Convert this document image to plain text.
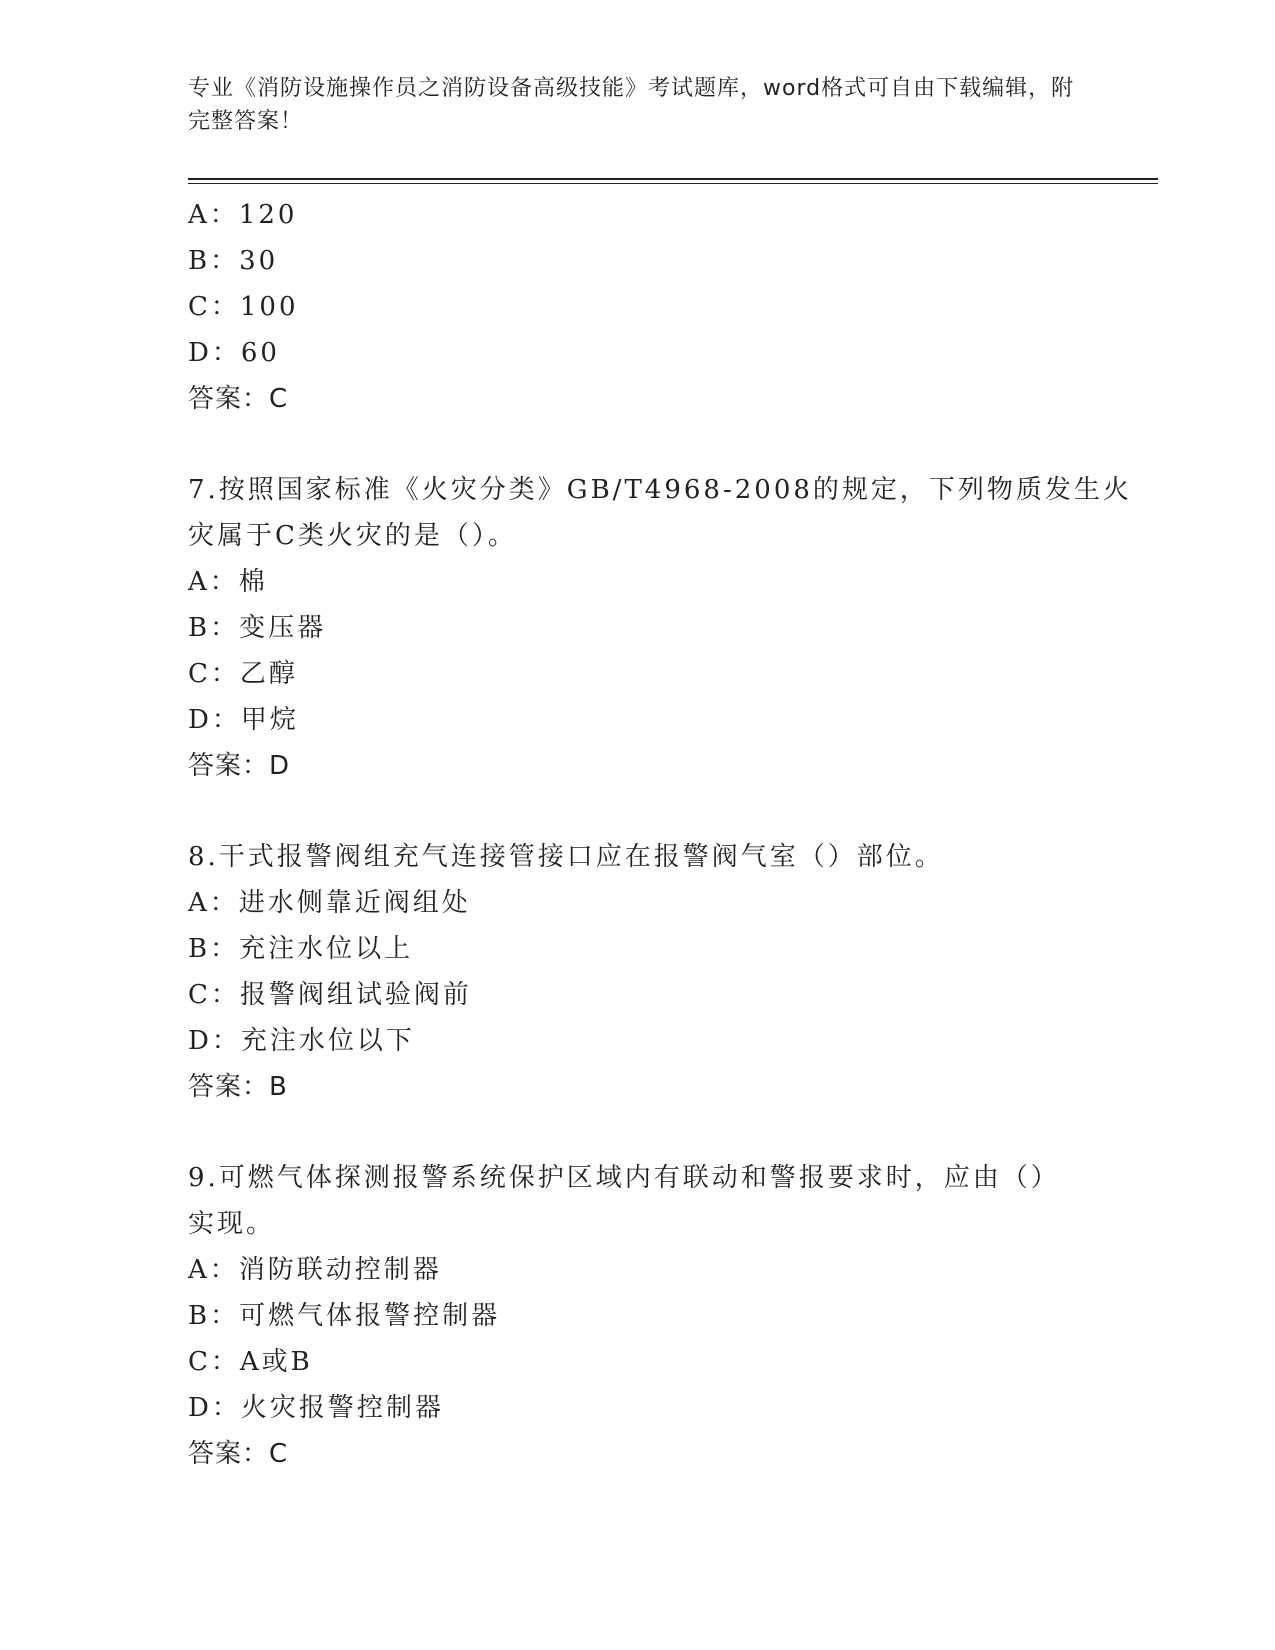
专业《消防设施操作员之消防设备高级技能》考试题库，word格式可自由下载编辑，附完整答案！
A：120
B：30
C：100
D：60
答案：C
7.按照国家标准《火灾分类》GB/T4968-2008的规定，下列物质发生火
灾属于C类火灾的是（）。
A：棉
B：变压器
C：乙醇
D：甲烷
答案：D
8.干式报警阀组充气连接管接口应在报警阀气室（）部位。
A：进水侧靠近阀组处
B：充注水位以上
C：报警阀组试验阀前
D：充注水位以下
答案：B
9.可燃气体探测报警系统保护区域内有联动和警报要求时，应由（）
实现。
A：消防联动控制器
B：可燃气体报警控制器
C：A或B
D：火灾报警控制器
答案：C
